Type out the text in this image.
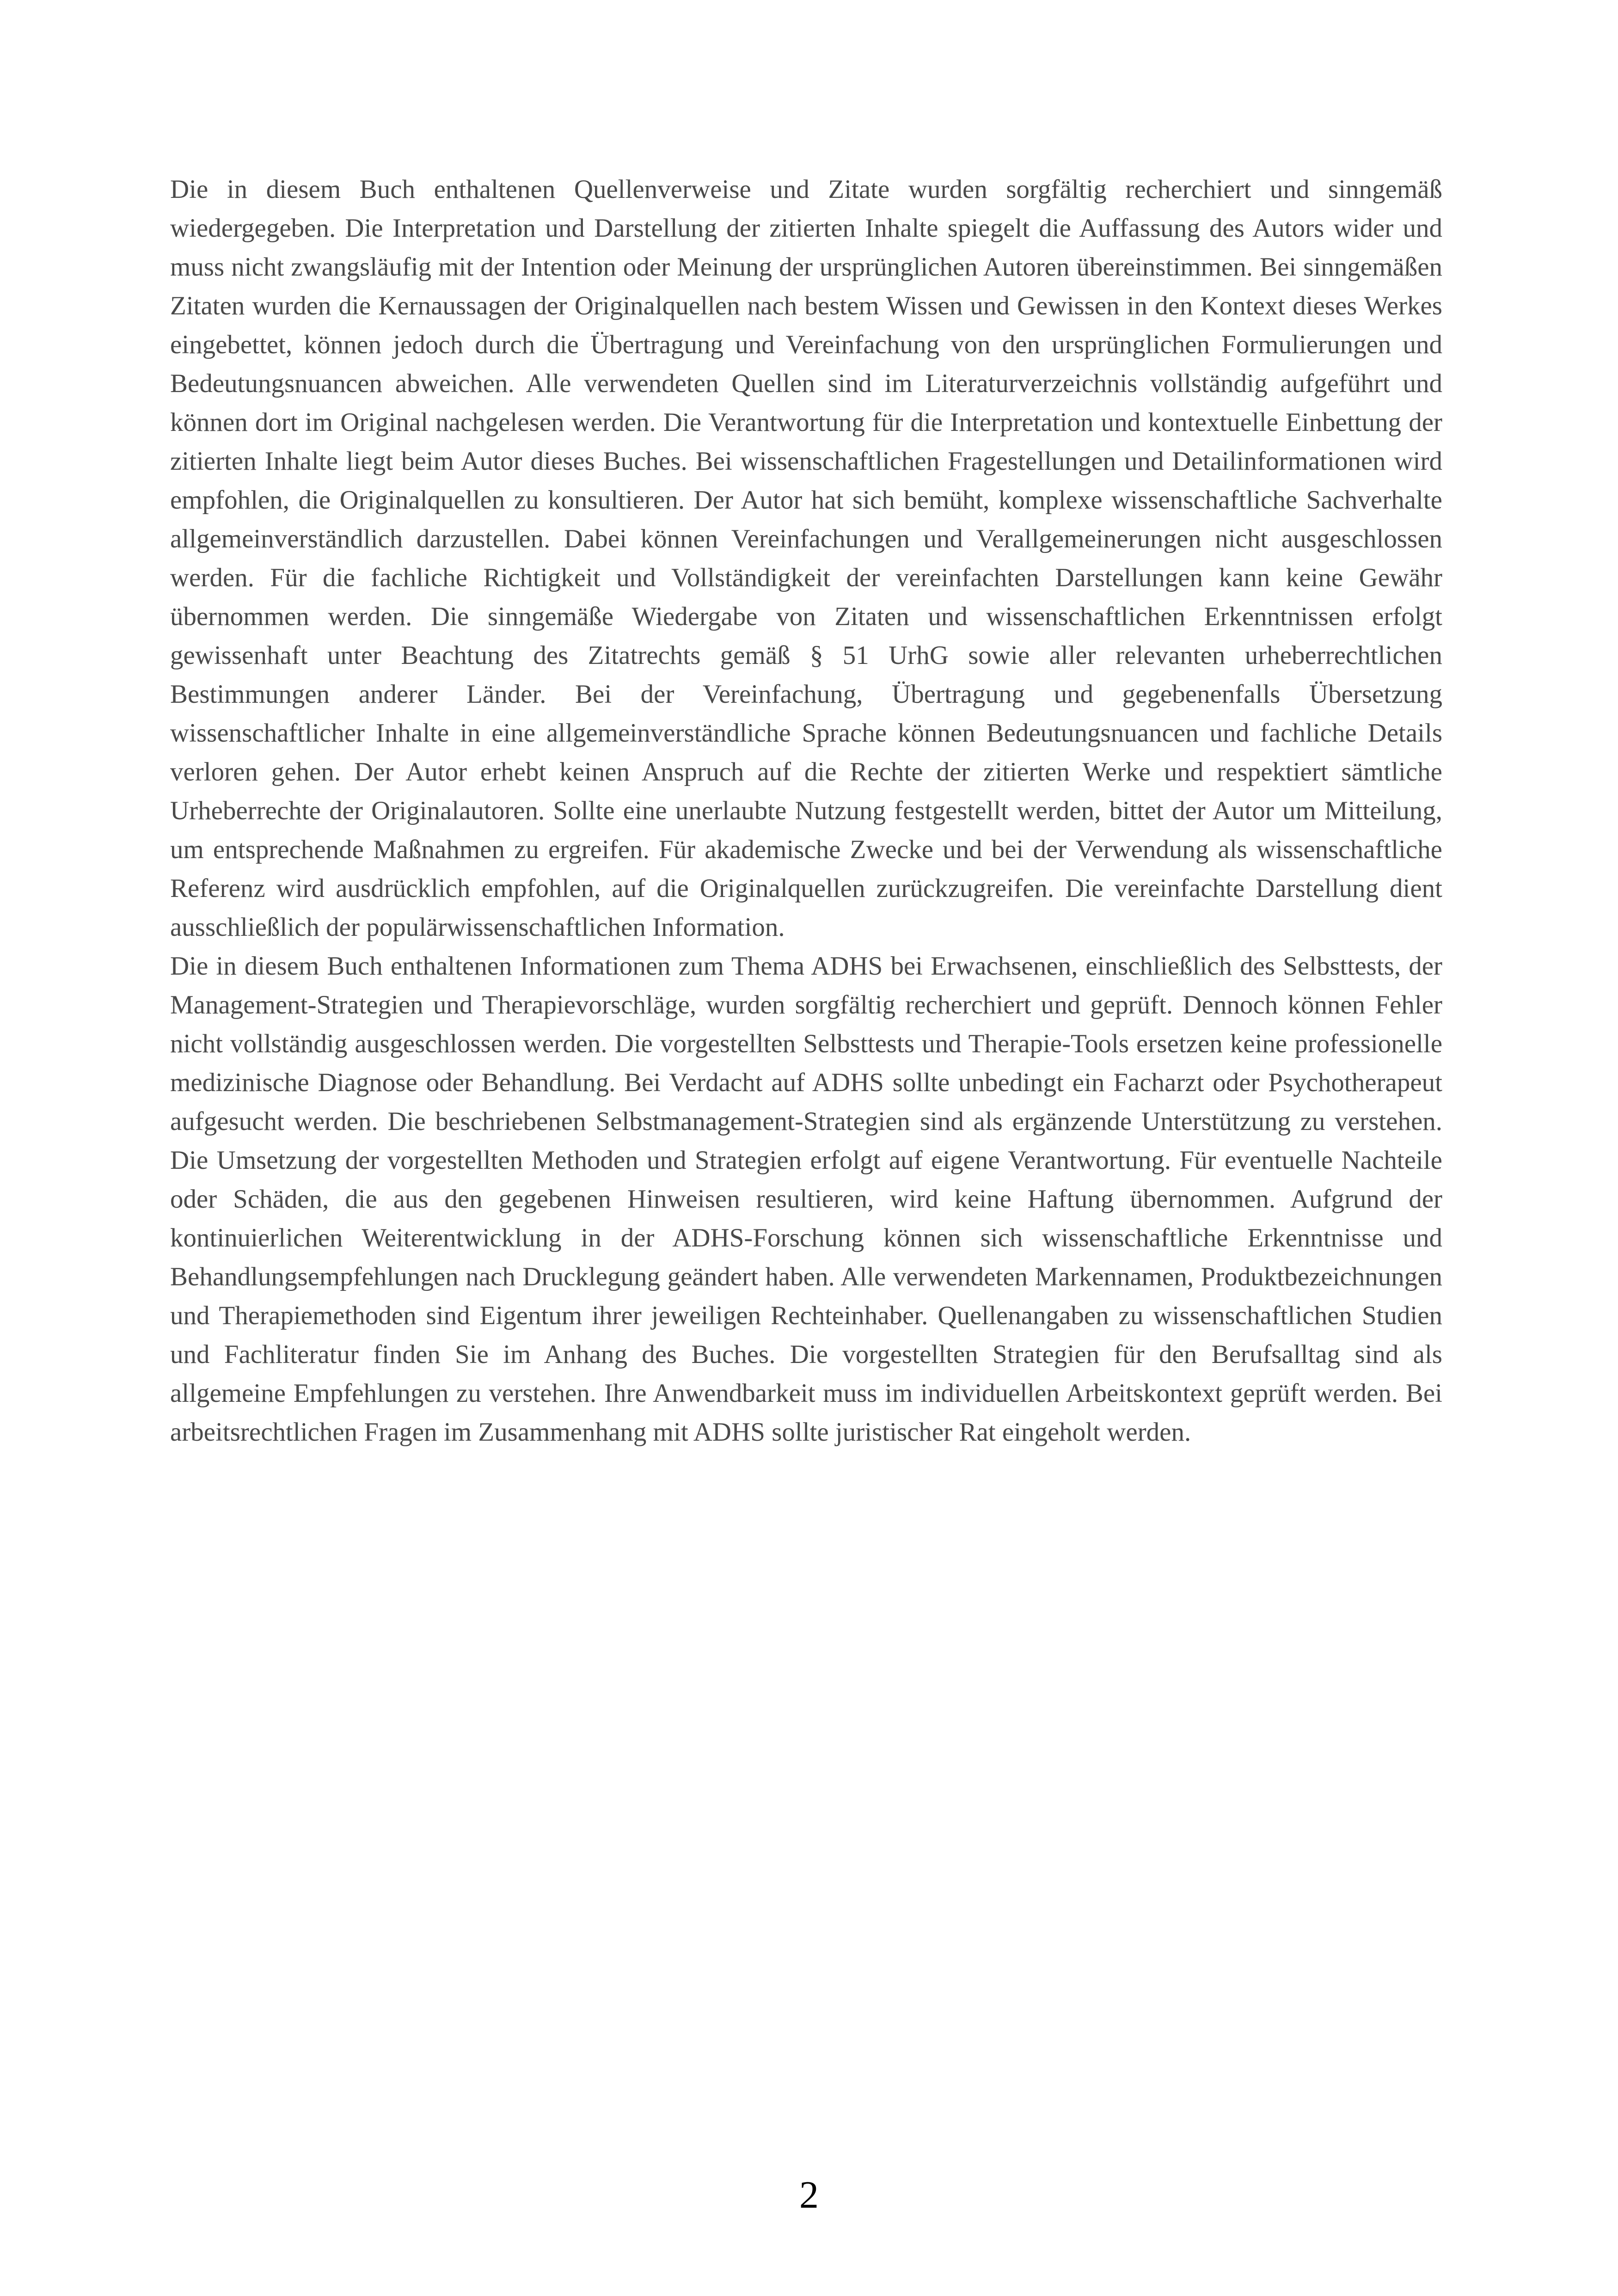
Die in diesem Buch enthaltenen Quellenverweise und Zitate wurden sorgfältig recherchiert und sinngemäß wiedergegeben. Die Interpretation und Darstellung der zitierten Inhalte spiegelt die Auffassung des Autors wider und muss nicht zwangsläufig mit der Intention oder Meinung der ursprünglichen Autoren übereinstimmen. Bei sinngemäßen Zitaten wurden die Kernaussagen der Originalquellen nach bestem Wissen und Gewissen in den Kontext dieses Werkes eingebettet, können jedoch durch die Übertragung und Vereinfachung von den ursprünglichen Formulierungen und Bedeutungsnuancen abweichen. Alle verwendeten Quellen sind im Literaturverzeichnis vollständig aufgeführt und können dort im Original nachgelesen werden. Die Verantwortung für die Interpretation und kontextuelle Einbettung der zitierten Inhalte liegt beim Autor dieses Buches. Bei wissenschaftlichen Fragestellungen und Detailinformationen wird empfohlen, die Originalquellen zu konsultieren. Der Autor hat sich bemüht, komplexe wissenschaftliche Sachverhalte allgemeinverständlich darzustellen. Dabei können Vereinfachungen und Verallgemeinerungen nicht ausgeschlossen werden. Für die fachliche Richtigkeit und Vollständigkeit der vereinfachten Darstellungen kann keine Gewähr übernommen werden. Die sinngemäße Wiedergabe von Zitaten und wissenschaftlichen Erkenntnissen erfolgt gewissenhaft unter Beachtung des Zitatrechts gemäß § 51 UrhG sowie aller relevanten urheberrechtlichen Bestimmungen anderer Länder. Bei der Vereinfachung, Übertragung und gegebenenfalls Übersetzung wissenschaftlicher Inhalte in eine allgemeinverständliche Sprache können Bedeutungsnuancen und fachliche Details verloren gehen. Der Autor erhebt keinen Anspruch auf die Rechte der zitierten Werke und respektiert sämtliche Urheberrechte der Originalautoren. Sollte eine unerlaubte Nutzung festgestellt werden, bittet der Autor um Mitteilung, um entsprechende Maßnahmen zu ergreifen. Für akademische Zwecke und bei der Verwendung als wissenschaftliche Referenz wird ausdrücklich empfohlen, auf die Originalquellen zurückzugreifen. Die vereinfachte Darstellung dient ausschließlich der populärwissenschaftlichen Information.

Die in diesem Buch enthaltenen Informationen zum Thema ADHS bei Erwachsenen, einschließlich des Selbsttests, der Management-Strategien und Therapievorschläge, wurden sorgfältig recherchiert und geprüft. Dennoch können Fehler nicht vollständig ausgeschlossen werden. Die vorgestellten Selbsttests und Therapie-Tools ersetzen keine professionelle medizinische Diagnose oder Behandlung. Bei Verdacht auf ADHS sollte unbedingt ein Facharzt oder Psychotherapeut aufgesucht werden. Die beschriebenen Selbstmanagement-Strategien sind als ergänzende Unterstützung zu verstehen. Die Umsetzung der vorgestellten Methoden und Strategien erfolgt auf eigene Verantwortung. Für eventuelle Nachteile oder Schäden, die aus den gegebenen Hinweisen resultieren, wird keine Haftung übernommen. Aufgrund der kontinuierlichen Weiterentwicklung in der ADHS-Forschung können sich wissenschaftliche Erkenntnisse und Behandlungsempfehlungen nach Drucklegung geändert haben. Alle verwendeten Markennamen, Produktbezeichnungen und Therapiemethoden sind Eigentum ihrer jeweiligen Rechteinhaber. Quellenangaben zu wissenschaftlichen Studien und Fachliteratur finden Sie im Anhang des Buches. Die vorgestellten Strategien für den Berufsalltag sind als allgemeine Empfehlungen zu verstehen. Ihre Anwendbarkeit muss im individuellen Arbeitskontext geprüft werden. Bei arbeitsrechtlichen Fragen im Zusammenhang mit ADHS sollte juristischer Rat eingeholt werden.

2
